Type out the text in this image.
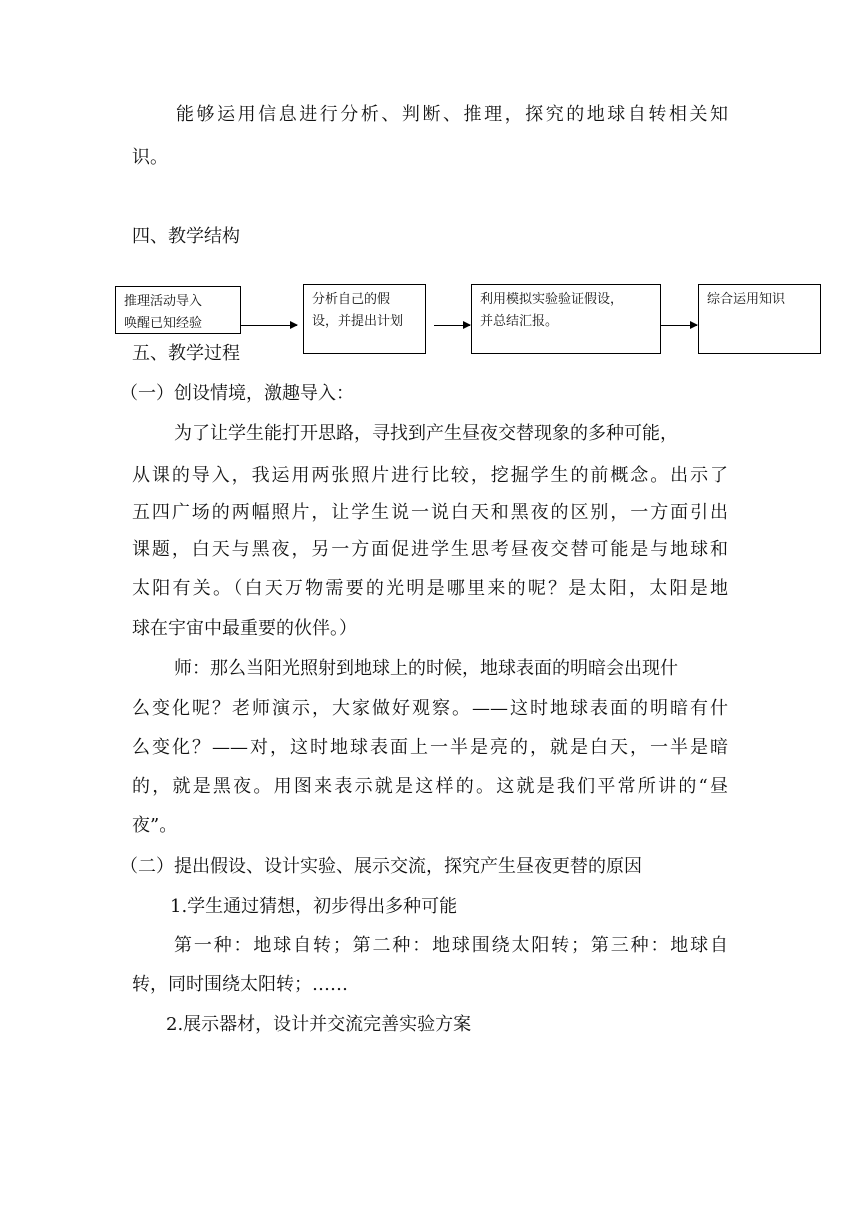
能够运用信息进行分析、判断、推理，探究的地球自转相关知
识。
四、教学结构
五、教学过程
推理活动导入
唤醒已知经验
分析自己的假
设，并提出计划
利用模拟实验验证假设，
并总结汇报。
综合运用知识
（一）创设情境，激趣导入：
为了让学生能打开思路，寻找到产生昼夜交替现象的多种可能，
从课的导入，我运用两张照片进行比较，挖掘学生的前概念。出示了
五四广场的两幅照片，让学生说一说白天和黑夜的区别，一方面引出
课题，白天与黑夜，另一方面促进学生思考昼夜交替可能是与地球和
太阳有关。（白天万物需要的光明是哪里来的呢？是太阳，太阳是地
球在宇宙中最重要的伙伴。）
师：那么当阳光照射到地球上的时候，地球表面的明暗会出现什
么变化呢？老师演示，大家做好观察。——这时地球表面的明暗有什
么变化？——对，这时地球表面上一半是亮的，就是白天，一半是暗
的，就是黑夜。用图来表示就是这样的。这就是我们平常所讲的“昼
夜”。
（二）提出假设、设计实验、展示交流，探究产生昼夜更替的原因
1.学生通过猜想，初步得出多种可能
第一种：地球自转；第二种：地球围绕太阳转；第三种：地球自
转，同时围绕太阳转；……
2.展示器材，设计并交流完善实验方案
